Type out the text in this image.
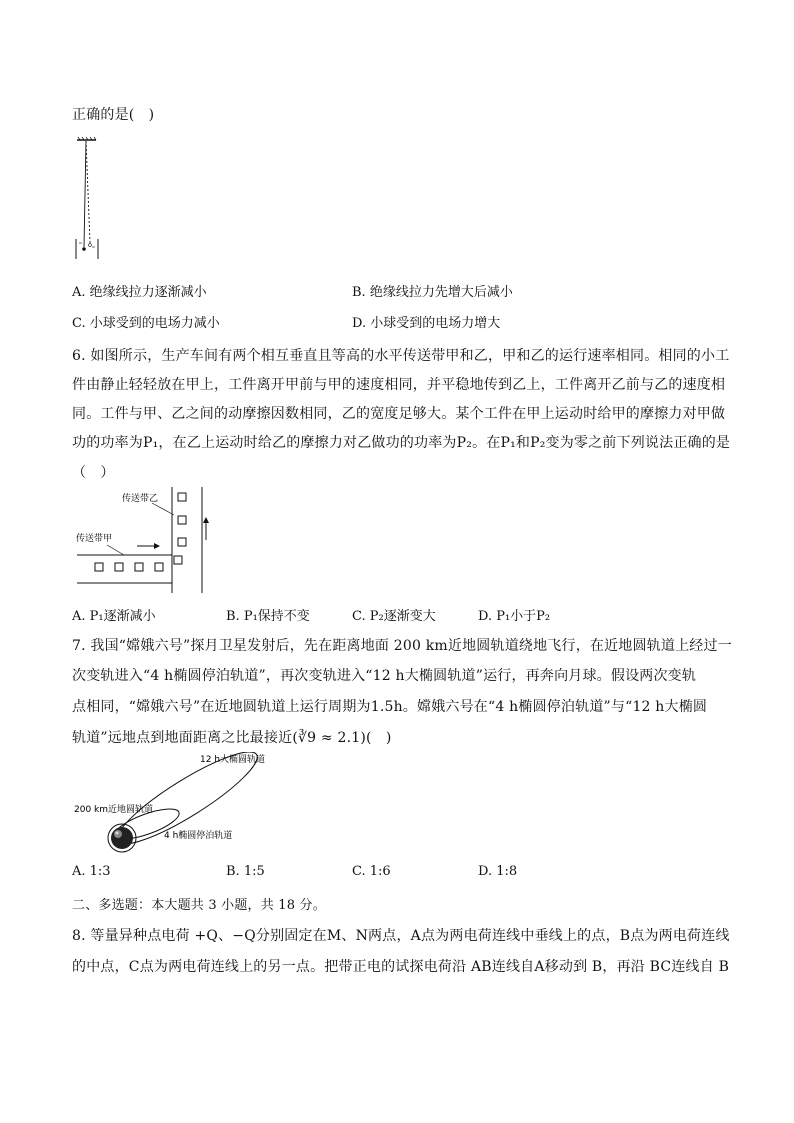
正确的是(　)
A. 绝缘线拉力逐渐减小	B. 绝缘线拉力先增大后减小
C. 小球受到的电场力减小	D. 小球受到的电场力增大
6. 如图所示，生产车间有两个相互垂直且等高的水平传送带甲和乙，甲和乙的运行速率相同。相同的小工
件由静止轻轻放在甲上，工件离开甲前与甲的速度相同，并平稳地传到乙上，工件离开乙前与乙的速度相
同。工件与甲、乙之间的动摩擦因数相同，乙的宽度足够大。某个工件在甲上运动时给甲的摩擦力对甲做
功的功率为P₁，在乙上运动时给乙的摩擦力对乙做功的功率为P₂。在P₁和P₂变为零之前下列说法正确的是
（　）
传送带乙
传送带甲
A. P₁逐渐减小	B. P₁保持不变	C. P₂逐渐变大	D. P₁小于P₂
7. 我国“嫦娥六号”探月卫星发射后，先在距离地面 200 km近地圆轨道绕地飞行，在近地圆轨道上经过一
次变轨进入“4 h椭圆停泊轨道”，再次变轨进入“12 h大椭圆轨道”运行，再奔向月球。假设两次变轨
点相同，“嫦娥六号”在近地圆轨道上运行周期为1.5h。嫦娥六号在“4 h椭圆停泊轨道”与“12 h大椭圆
轨道”远地点到地面距离之比最接近(∛9 ≈ 2.1)(　)
12 h大椭圆轨道
200 km近地圆轨道
4 h椭圆停泊轨道
A. 1:3	B. 1:5	C. 1:6	D. 1:8
二、多选题：本大题共 3 小题，共 18 分。
8. 等量异种点电荷 +Q、−Q分别固定在M、N两点，A点为两电荷连线中垂线上的点，B点为两电荷连线
的中点，C点为两电荷连线上的另一点。把带正电的试探电荷沿 AB连线自A移动到 B，再沿 BC连线自 B
